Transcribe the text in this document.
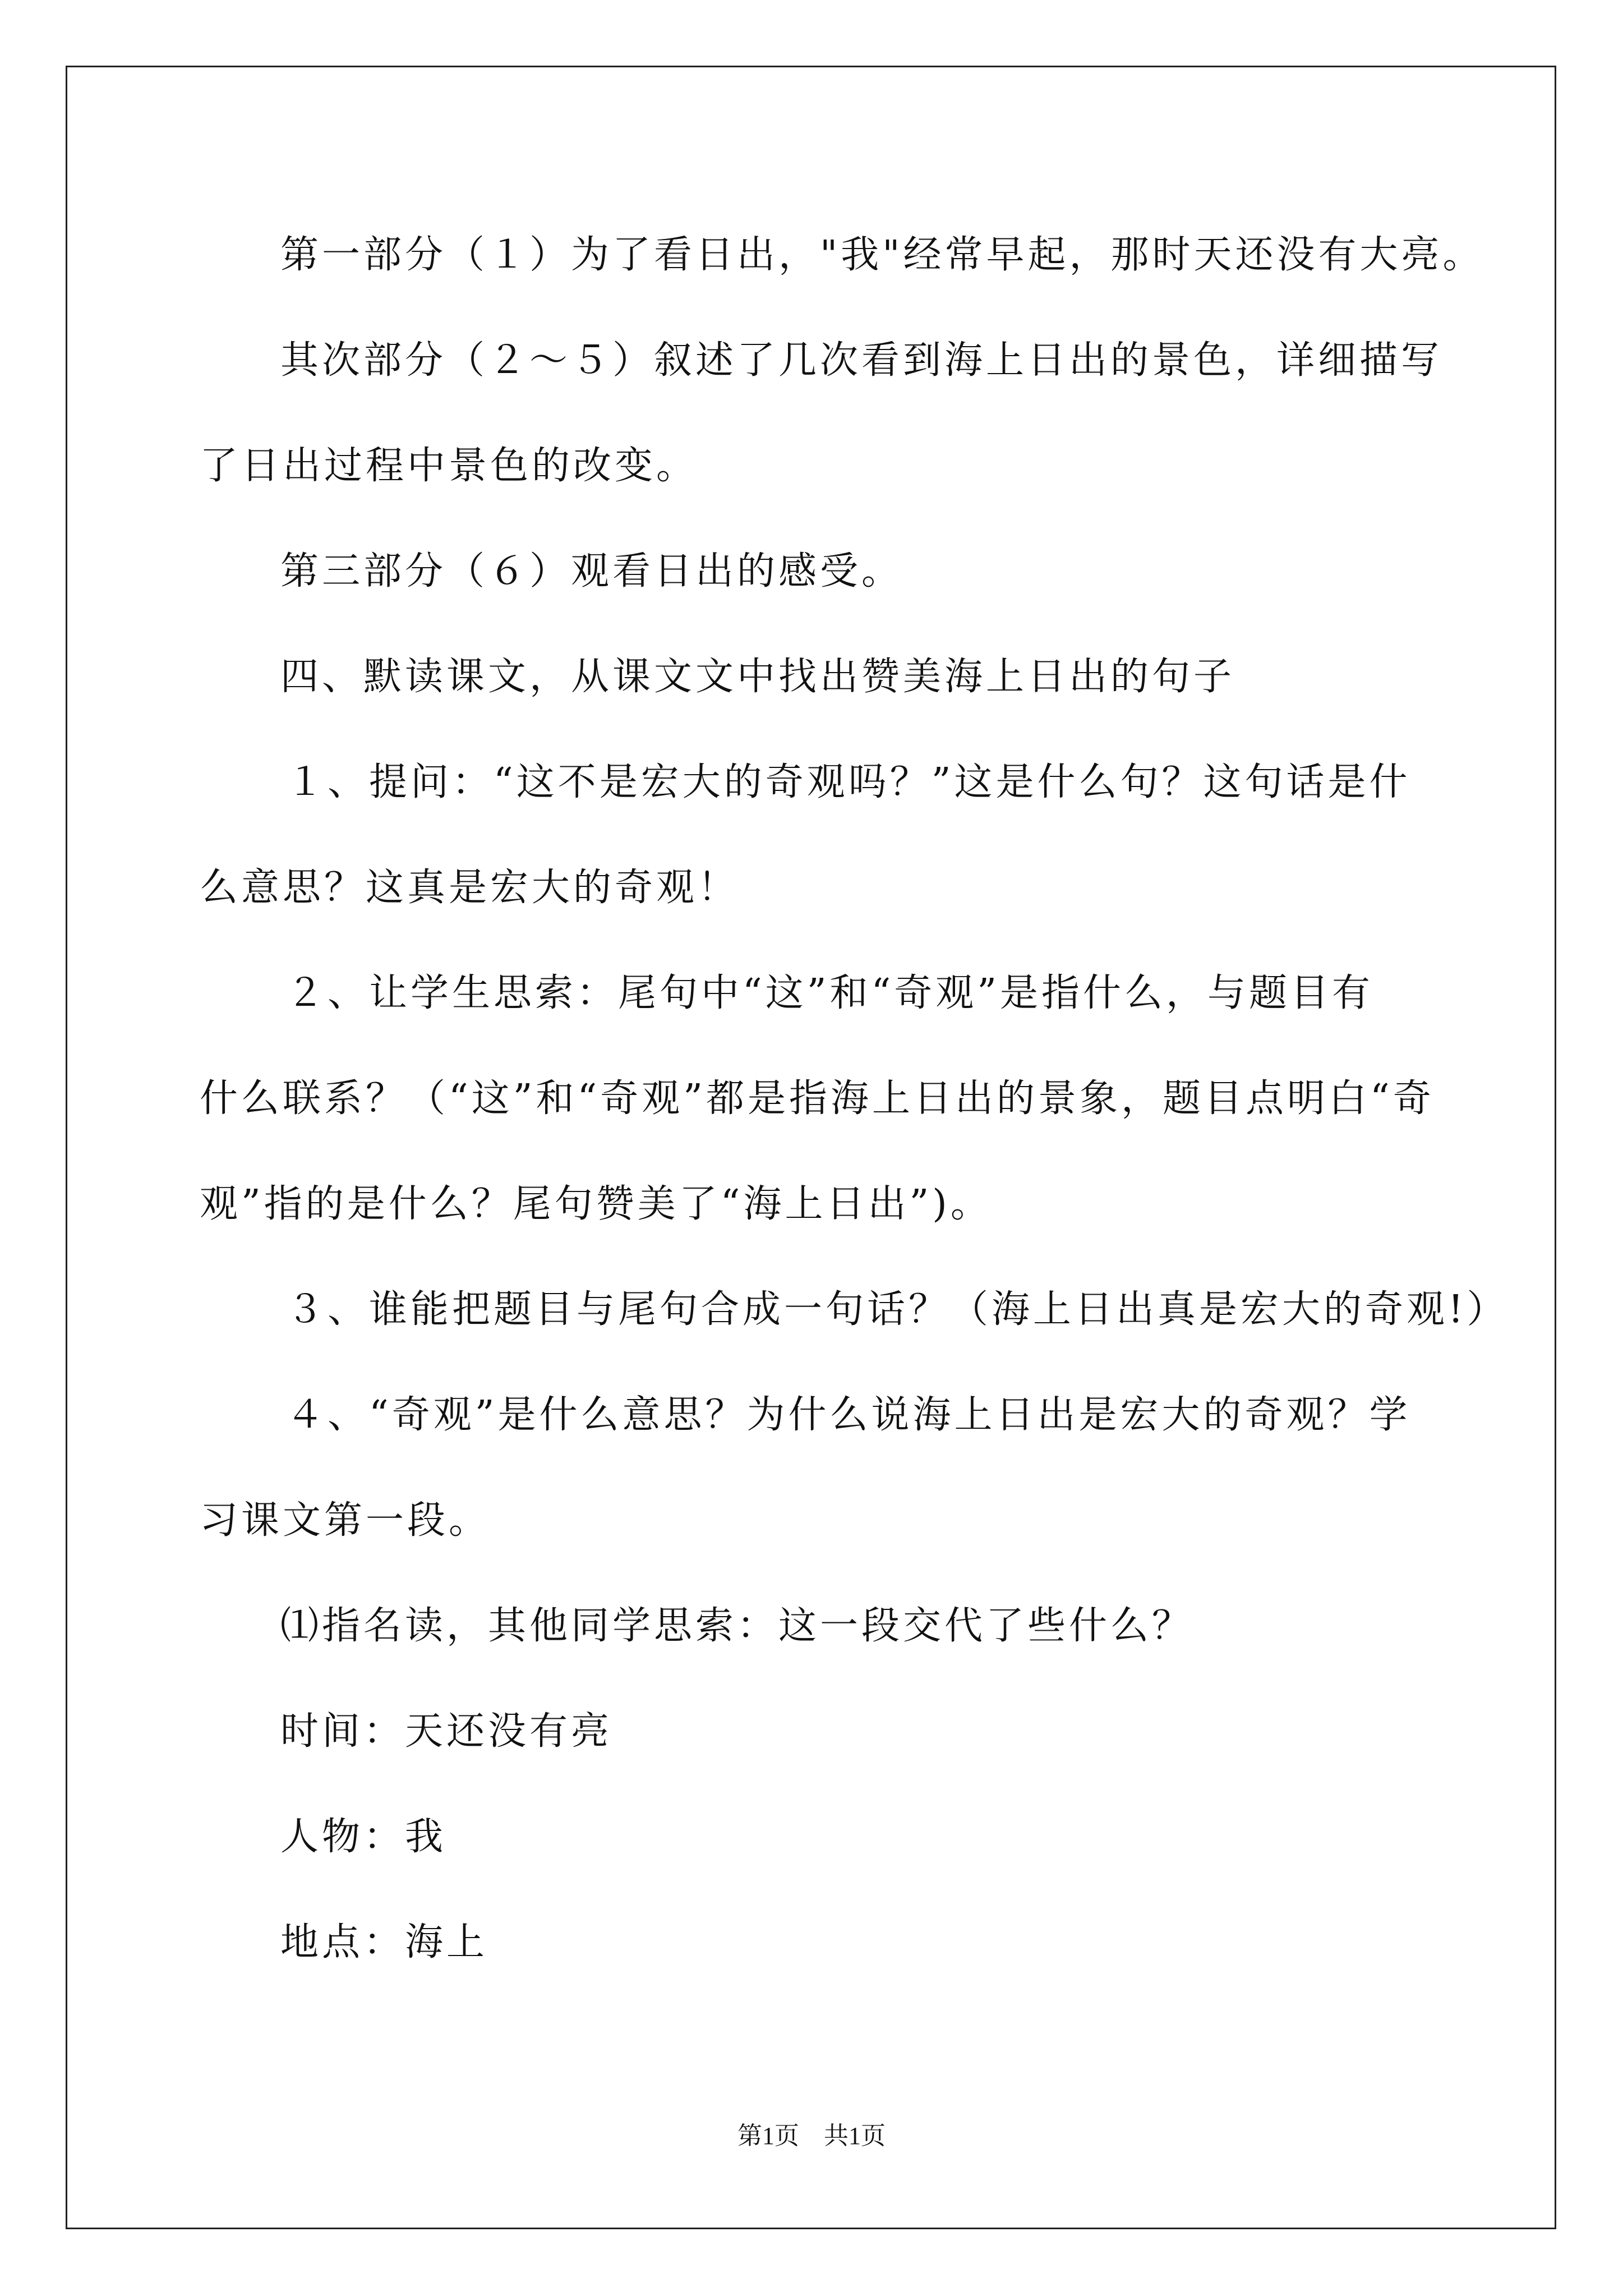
第一部分（１）为了看日出，"我"经常早起，那时天还没有大亮。
其次部分（２～５）叙述了几次看到海上日出的景色，详细描写
了日出过程中景色的改变。
第三部分（６）观看日出的感受。
四、默读课文，从课文文中找出赞美海上日出的句子
１、提问：“这不是宏大的奇观吗？”这是什么句？这句话是什
么意思？这真是宏大的奇观！
２、让学生思索：尾句中“这”和“奇观”是指什么，与题目有
什么联系？（“这”和“奇观”都是指海上日出的景象，题目点明白“奇
观”指的是什么？尾句赞美了“海上日出”)。
３、谁能把题目与尾句合成一句话？（海上日出真是宏大的奇观!）
４、“奇观”是什么意思？为什么说海上日出是宏大的奇观？学
习课文第一段。
⑴指名读，其他同学思索：这一段交代了些什么？
时间：天还没有亮
人物：我
地点：海上
第1页　共1页
